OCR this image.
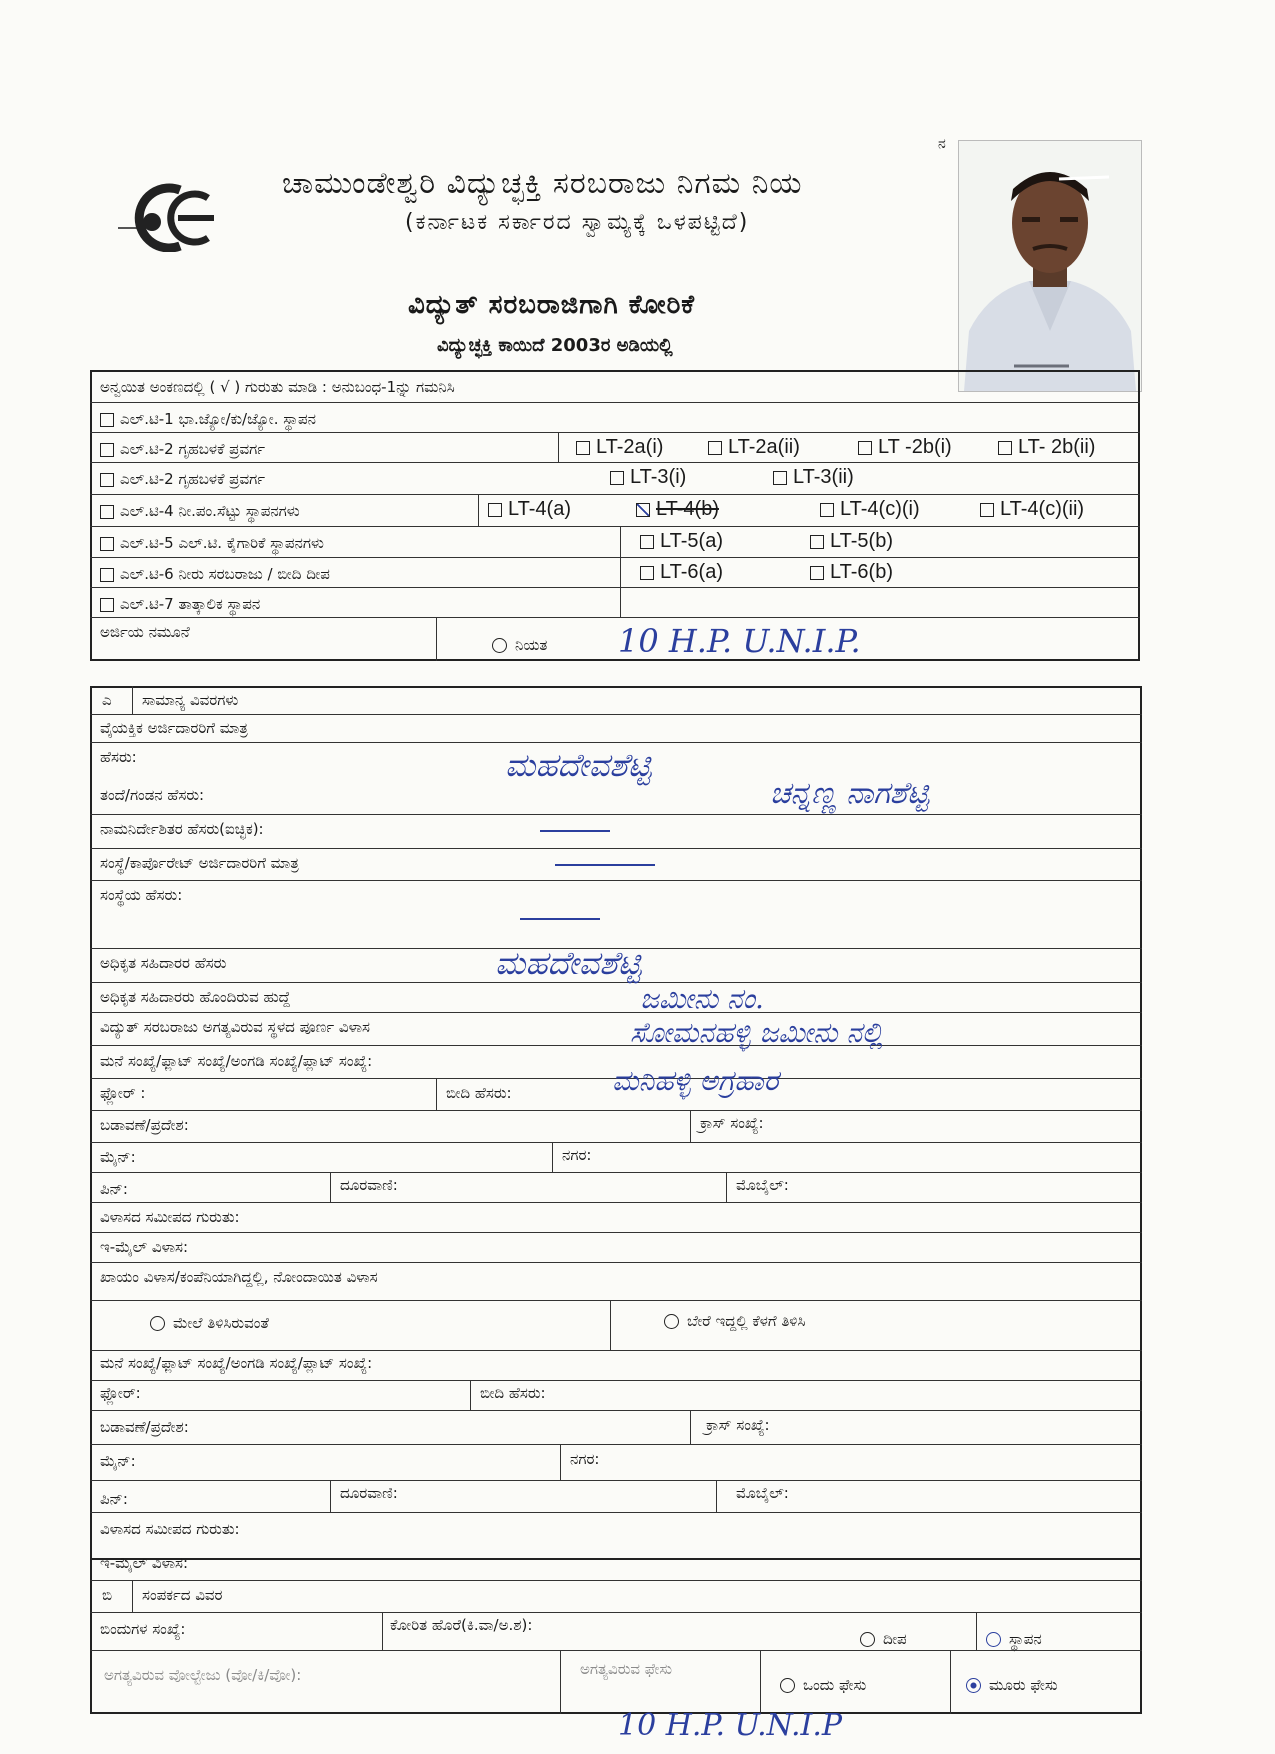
ಚಾಮುಂಡೇಶ್ವರಿ ವಿದ್ಯುಚ್ಛಕ್ತಿ ಸರಬರಾಜು ನಿಗಮ ನಿಯ
(ಕರ್ನಾಟಕ ಸರ್ಕಾರದ ಸ್ವಾಮ್ಯಕ್ಕೆ ಒಳಪಟ್ಟಿದೆ)
ವಿದ್ಯುತ್ ಸರಬರಾಜಿಗಾಗಿ ಕೋರಿಕೆ
ವಿದ್ಯುಚ್ಛಕ್ತಿ ಕಾಯಿದೆ 2003ರ ಅಡಿಯಲ್ಲಿ
ನ
ಅನ್ವಯಿತ ಅಂಕಣದಲ್ಲಿ ( √ ) ಗುರುತು ಮಾಡಿ : ಅನುಬಂಧ-1ನ್ನು ಗಮನಿಸಿ
ಎಲ್.ಟಿ-1 ಭಾ.ಜ್ಯೋ/ಕು/ಜ್ಯೋ. ಸ್ಥಾಪನ
ಎಲ್.ಟಿ-2 ಗೃಹಬಳಕೆ ಪ್ರವರ್ಗ	LT-2a(i)	LT-2a(ii)	LT -2b(i)	LT- 2b(ii)
ಎಲ್.ಟಿ-2 ಗೃಹಬಳಕೆ ಪ್ರವರ್ಗ	LT-3(i)	LT-3(ii)
ಎಲ್.ಟಿ-4 ನೀ.ಪಂ.ಸೆಟ್ಟು ಸ್ಥಾಪನಗಳು	LT-4(a)	LT-4(b)	LT-4(c)(i)	LT-4(c)(ii)
ಎಲ್.ಟಿ-5 ಎಲ್.ಟಿ. ಕೈಗಾರಿಕೆ ಸ್ಥಾಪನಗಳು	LT-5(a)	LT-5(b)
ಎಲ್.ಟಿ-6 ನೀರು ಸರಬರಾಜು / ಬೀದಿ ದೀಪ	LT-6(a)	LT-6(b)
ಎಲ್.ಟಿ-7 ತಾತ್ಕಾಲಿಕ ಸ್ಥಾಪನ
ಅರ್ಜಿಯ ನಮೂನೆ
ನಿಯತ 10 H.P. U.N.I.P.
ಎ ಸಾಮಾನ್ಯ ವಿವರಗಳು
ವೈಯಕ್ತಿಕ ಅರ್ಜಿದಾರರಿಗೆ ಮಾತ್ರ
ಹೆಸರು:	ಮಹದೇವಶೆಟ್ಟಿ
ತಂದೆ/ಗಂಡನ ಹೆಸರು:	ಚನ್ನಣ್ಣ ನಾಗಶೆಟ್ಟಿ
ನಾಮನಿರ್ದೇಶಿತರ ಹೆಸರು(ಐಚ್ಛಿಕ):
ಸಂಸ್ಥೆ/ಕಾರ್ಪೊರೇಟ್ ಅರ್ಜಿದಾರರಿಗೆ ಮಾತ್ರ
ಸಂಸ್ಥೆಯ ಹೆಸರು:
ಅಧಿಕೃತ ಸಹಿದಾರರ ಹೆಸರು	ಮಹದೇವಶೆಟ್ಟಿ
ಅಧಿಕೃತ ಸಹಿದಾರರು ಹೊಂದಿರುವ ಹುದ್ದೆ
ವಿದ್ಯುತ್ ಸರಬರಾಜು ಅಗತ್ಯವಿರುವ ಸ್ಥಳದ ಪೂರ್ಣ ವಿಳಾಸ
ಜಮೀನು ನಂ.
ಸೋಮನಹಳ್ಳಿ ಜಮೀನು ನಲ್ಲಿ
ಮನೆ ಸಂಖ್ಯೆ/ಫ್ಲಾಟ್ ಸಂಖ್ಯೆ/ಅಂಗಡಿ ಸಂಖ್ಯೆ/ಪ್ಲಾಟ್ ಸಂಖ್ಯೆ:
ಫ್ಲೋರ್ :	ಬೀದಿ ಹೆಸರು:	ಮನಿಹಳ್ಳಿ ಅಗ್ರಹಾರ
ಬಡಾವಣೆ/ಪ್ರದೇಶ:	ಕ್ರಾಸ್ ಸಂಖ್ಯೆ:
ಮೈನ್:	ನಗರ:
ಪಿನ್:	ದೂರವಾಣಿ:	ಮೊಬೈಲ್:
ವಿಳಾಸದ ಸಮೀಪದ ಗುರುತು:
ಇ-ಮೈಲ್ ವಿಳಾಸ:
ಖಾಯಂ ವಿಳಾಸ/ಕಂಪೆನಿಯಾಗಿದ್ದಲ್ಲಿ, ನೋಂದಾಯಿತ ವಿಳಾಸ
ಮೇಲೆ ತಿಳಿಸಿರುವಂತೆ	ಬೇರೆ ಇದ್ದಲ್ಲಿ ಕೆಳಗೆ ತಿಳಿಸಿ
ಮನೆ ಸಂಖ್ಯೆ/ಫ್ಲಾಟ್ ಸಂಖ್ಯೆ/ಅಂಗಡಿ ಸಂಖ್ಯೆ/ಪ್ಲಾಟ್ ಸಂಖ್ಯೆ:
ಫ್ಲೋರ್:	ಬೀದಿ ಹೆಸರು:
ಬಡಾವಣೆ/ಪ್ರದೇಶ:	ಕ್ರಾಸ್ ಸಂಖ್ಯೆ:
ಮೈನ್:	ನಗರ:
ಪಿನ್:	ದೂರವಾಣಿ:	ಮೊಬೈಲ್:
ವಿಳಾಸದ ಸಮೀಪದ ಗುರುತು:
ಇ-ಮೈಲ್ ವಿಳಾಸ:
ಬಿ ಸಂಪರ್ಕದ ವಿವರ
ಬಿಂದುಗಳ ಸಂಖ್ಯೆ:	ಕೋರಿತ ಹೊರೆ(ಕಿ.ವಾ/ಅ.ಶ):
ದೀಪ	ಸ್ಥಾಪನ
ಅಗತ್ಯವಿರುವ ವೋಲ್ಟೇಜು (ವೋ/ಕಿ/ವೋ):	ಅಗತ್ಯವಿರುವ ಫೇಸು
ಒಂದು ಫೇಸು	ಮೂರು ಫೇಸು
10 H.P. U.N.I.P
